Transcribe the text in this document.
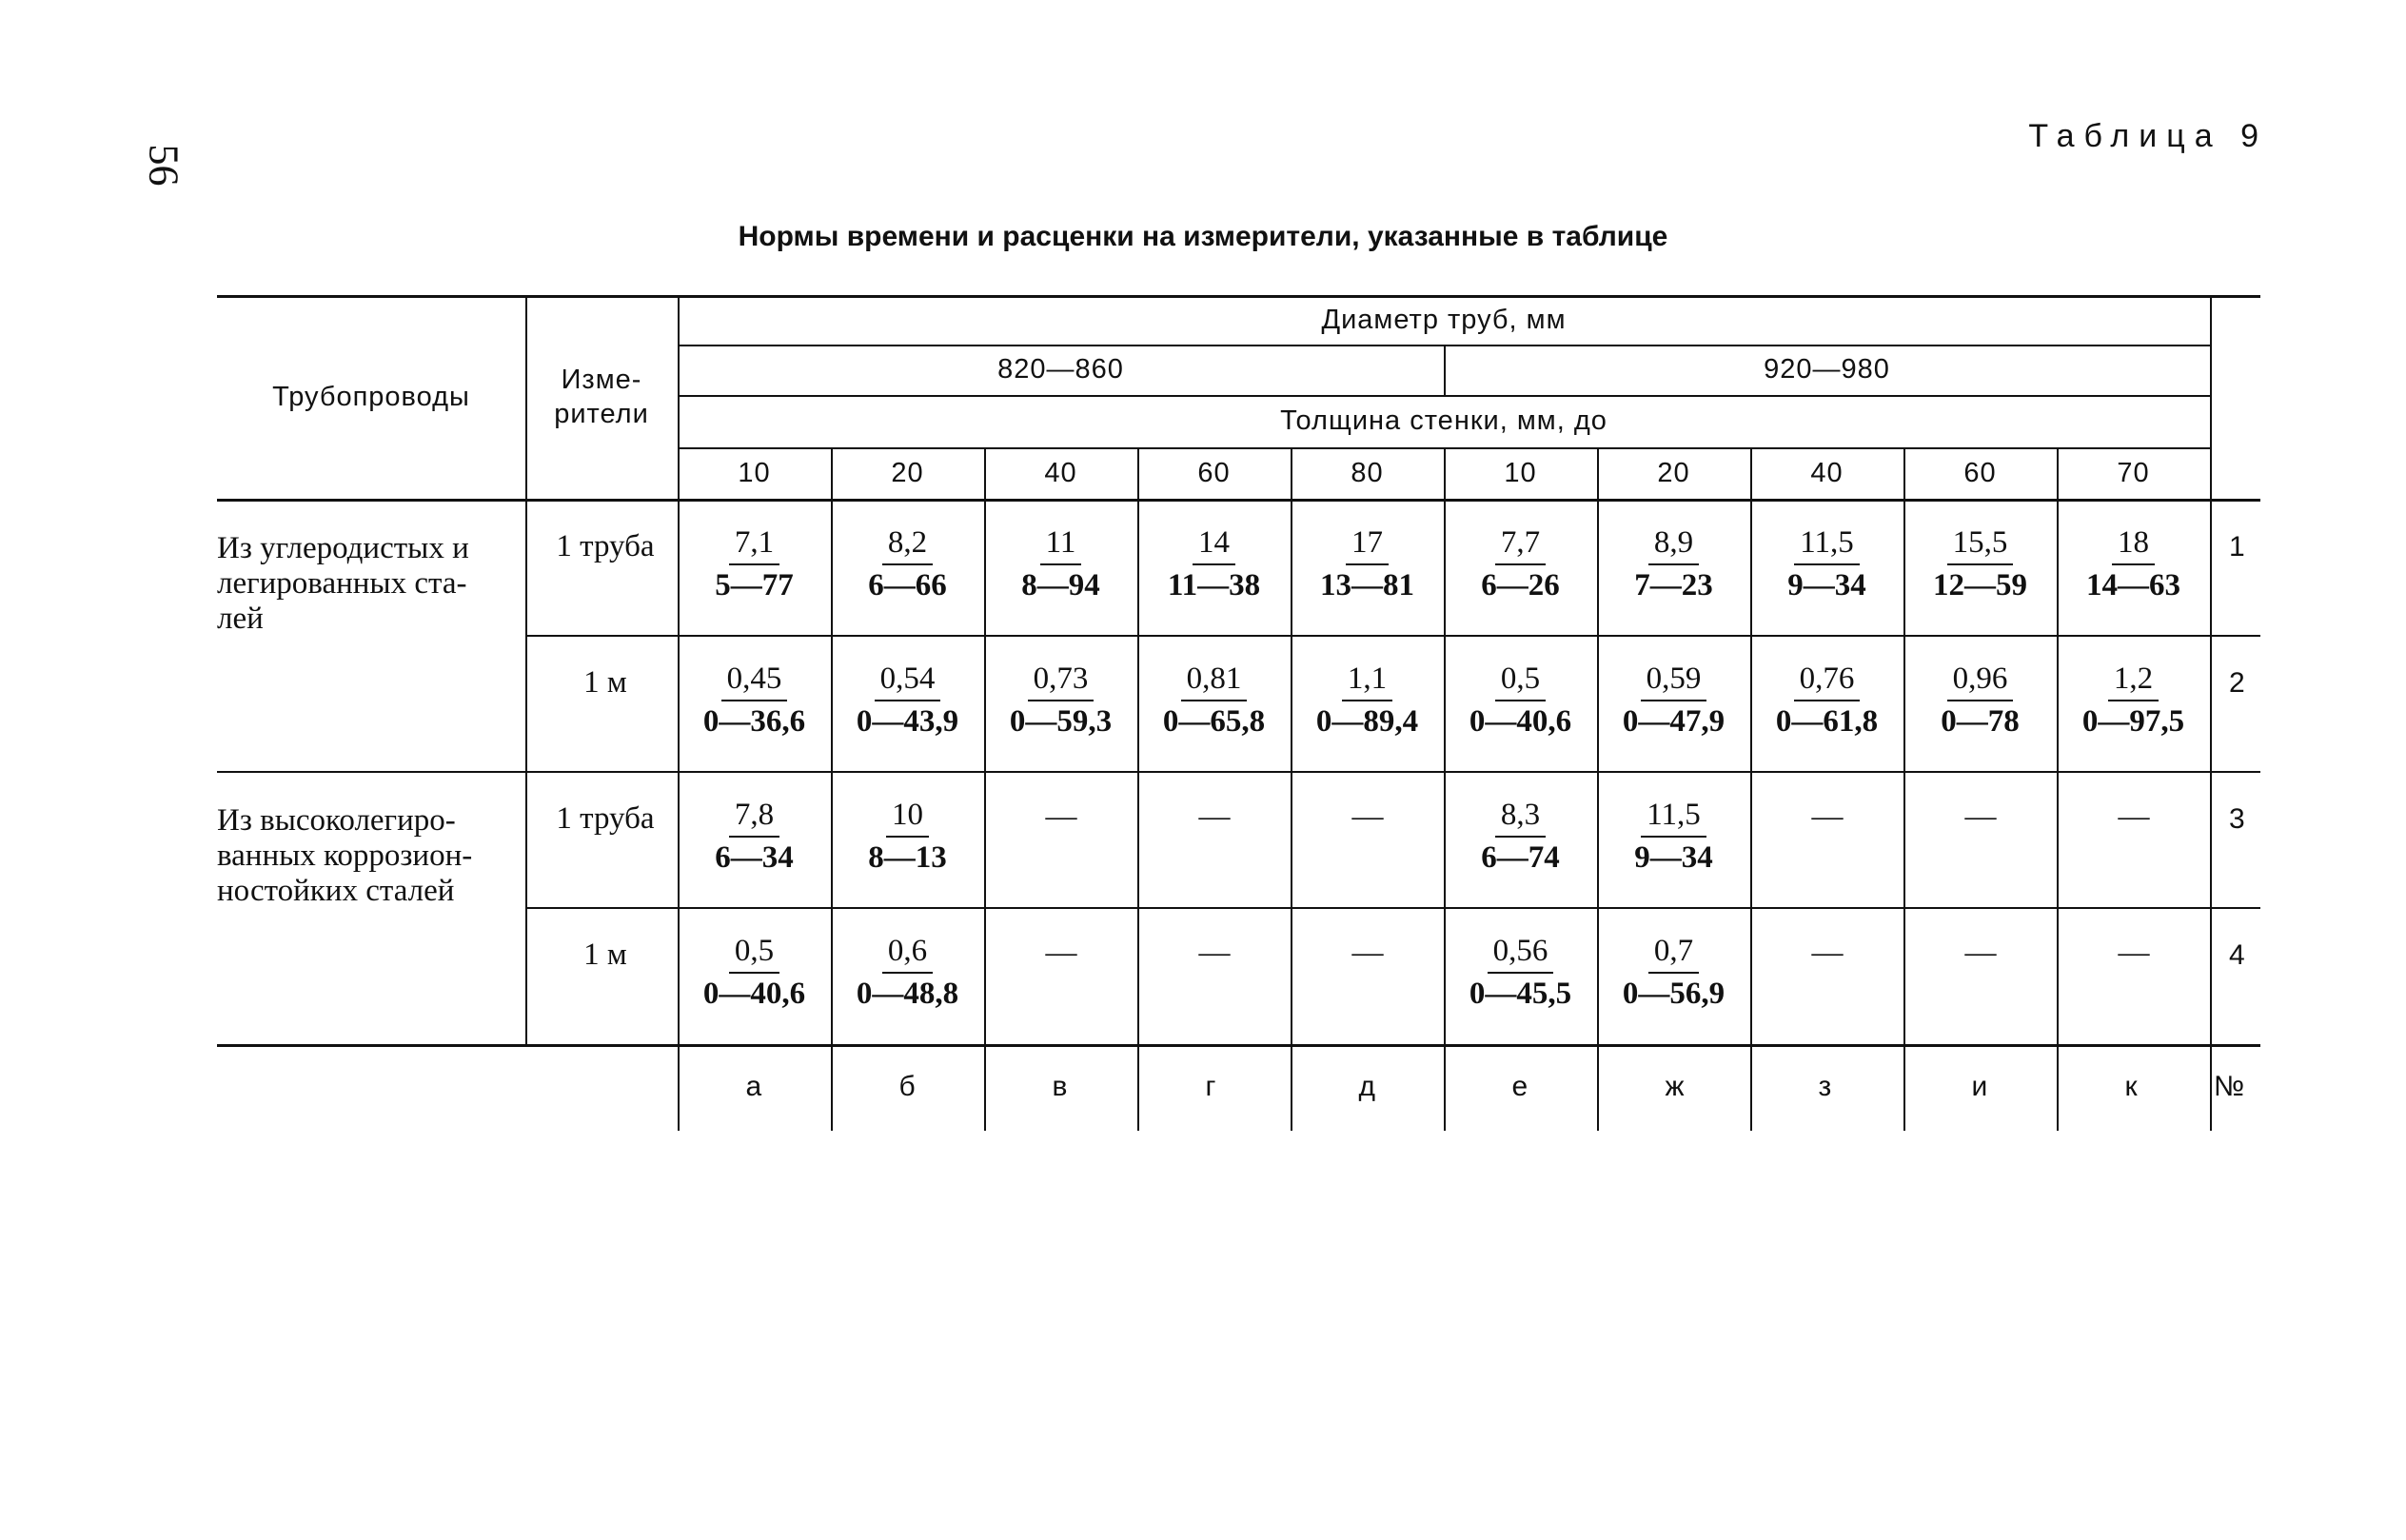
56
Таблица 9
Нормы времени и расценки на измерители, указанные в таблице
Трубопроводы
Изме-
рители
Диаметр труб, мм
820—860	920—980
Толщина стенки, мм, до
10	20	40	60	80	10	20	40	60	70
Из углеродистых и
легированных ста-
лей
Из высоколегиро-
ванных коррозион-
ностойких сталей
1 труба $\frac{7,1}{5—77} \frac{8,2}{6—66} \frac{11}{8—94} \frac{14}{11—38} \frac{17}{13—81} \frac{7,7}{6—26} \frac{8,9}{7—23} \frac{11,5}{9—34} \frac{15,5}{12—59} \frac{18}{14—63} 1$
1 м	$\frac{0,45}{0—36,6} \frac{0,54}{0—43,9} \frac{0,73}{0—59,3} \frac{0,81}{0—65,8} \frac{1,1}{0—89,4} \frac{0,5}{0—40,6} \frac{0,59}{0—47,9} \frac{0,76}{0—61,8} \frac{0,96}{0—78} \frac{1,2}{0—97,5} 2$
1 труба $\frac{7,8}{6—34} \frac{10}{8—13}$ —	—	— $\frac{8,3}{6—74} \frac{11,5}{9—34}$ —	—	—	3
1 м	$\frac{0,5}{0—40,6} \frac{0,6}{0—48,8}$ —	—	— $\frac{0,56}{0—45,5} \frac{0,7}{0—56,9}$ —	—	—	4
а	б	в	г	д	е	ж	з	и	к	№
